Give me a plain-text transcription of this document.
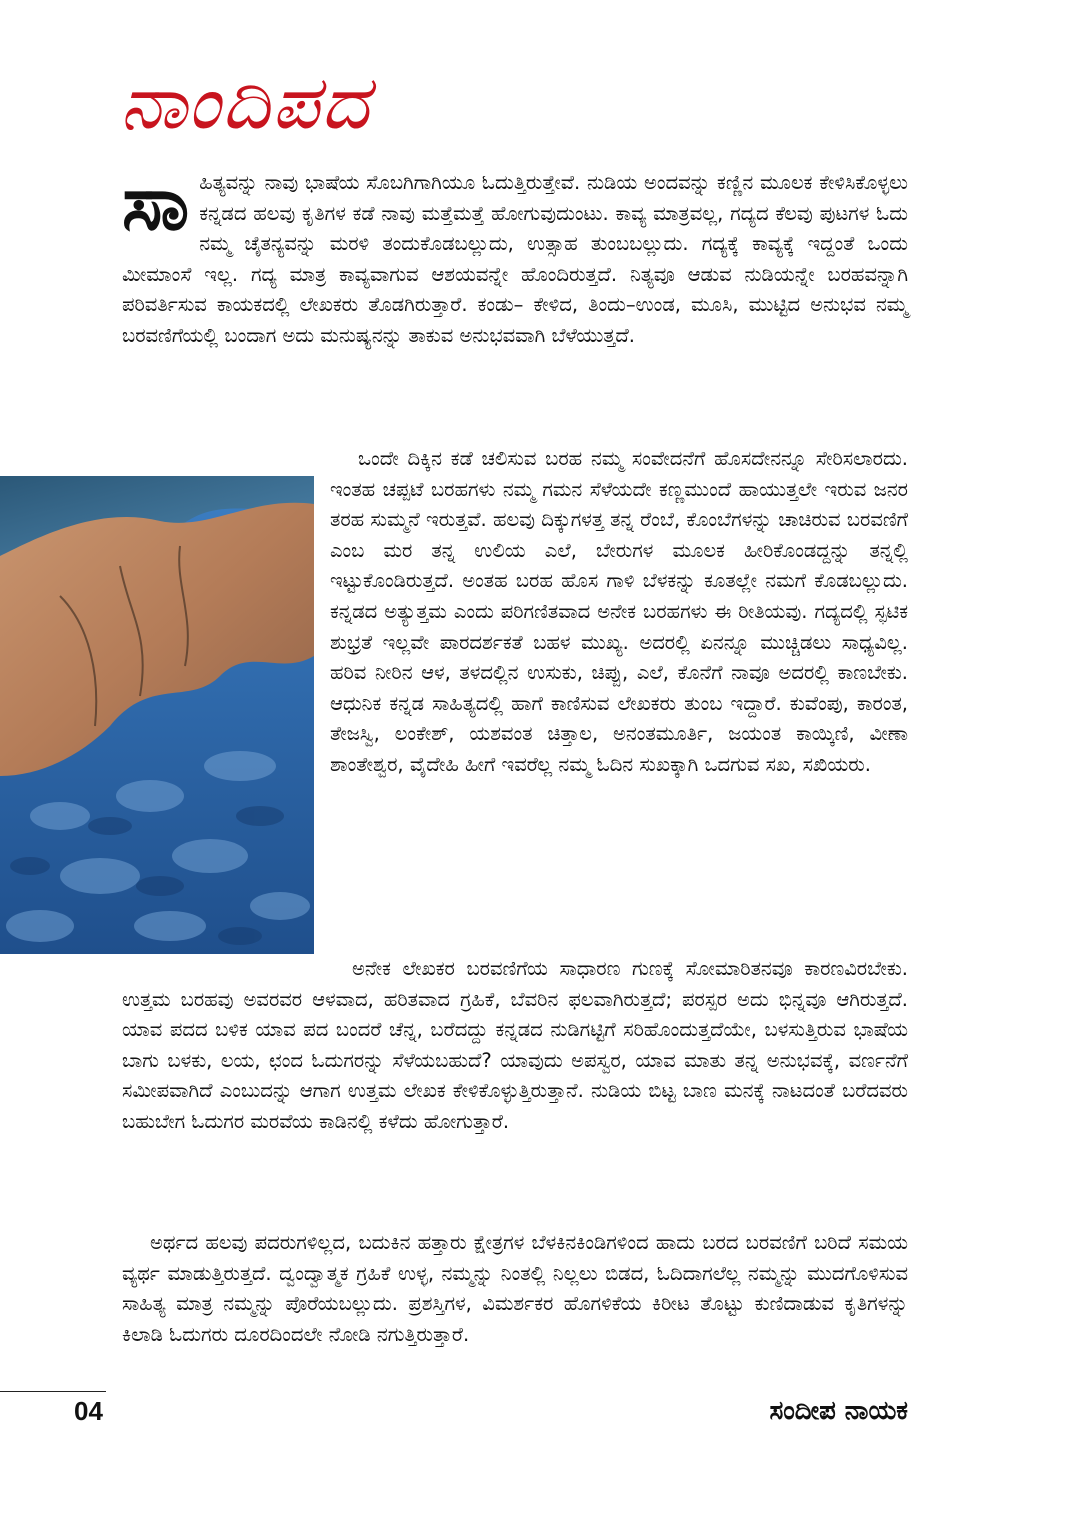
ನಾಂದಿಪದ
ಸಾ ಹಿತ್ಯವನ್ನು ನಾವು ಭಾಷೆಯ ಸೊಬಗಿಗಾಗಿಯೂ ಓದುತ್ತಿರುತ್ತೇವೆ. ನುಡಿಯ ಅಂದವನ್ನು ಕಣ್ಣಿನ ಮೂಲಕ ಕೇಳಿಸಿಕೊಳ್ಳಲು ಕನ್ನಡದ ಹಲವು ಕೃತಿಗಳ ಕಡೆ ನಾವು ಮತ್ತೆಮತ್ತೆ ಹೋಗುವುದುಂಟು. ಕಾವ್ಯ ಮಾತ್ರವಲ್ಲ, ಗದ್ಯದ ಕೆಲವು ಪುಟಗಳ ಓದು ನಮ್ಮ ಚೈತನ್ಯವನ್ನು ಮರಳಿ ತಂದುಕೊಡಬಲ್ಲುದು, ಉತ್ಸಾಹ ತುಂಬಬಲ್ಲುದು. ಗದ್ಯಕ್ಕೆ ಕಾವ್ಯಕ್ಕೆ ಇದ್ದಂತೆ ಒಂದು ಮೀಮಾಂಸೆ ಇಲ್ಲ. ಗದ್ಯ ಮಾತ್ರ ಕಾವ್ಯವಾಗುವ ಆಶಯವನ್ನೇ ಹೊಂದಿರುತ್ತದೆ. ನಿತ್ಯವೂ ಆಡುವ ನುಡಿಯನ್ನೇ ಬರಹವನ್ನಾಗಿ ಪರಿವರ್ತಿಸುವ ಕಾಯಕದಲ್ಲಿ ಲೇಖಕರು ತೊಡಗಿರುತ್ತಾರೆ. ಕಂಡು– ಕೇಳಿದ, ತಿಂದು–ಉಂಡ, ಮೂಸಿ, ಮುಟ್ಟಿದ ಅನುಭವ ನಮ್ಮ ಬರವಣಿಗೆಯಲ್ಲಿ ಬಂದಾಗ ಅದು ಮನುಷ್ಯನನ್ನು ತಾಕುವ ಅನುಭವವಾಗಿ ಬೆಳೆಯುತ್ತದೆ.
ಒಂದೇ ದಿಕ್ಕಿನ ಕಡೆ ಚಲಿಸುವ ಬರಹ ನಮ್ಮ ಸಂವೇದನೆಗೆ ಹೊಸದೇನನ್ನೂ ಸೇರಿಸಲಾರದು. ಇಂತಹ ಚಪ್ಪಟೆ ಬರಹಗಳು ನಮ್ಮ ಗಮನ ಸೆಳೆಯದೇ ಕಣ್ಣಮುಂದೆ ಹಾಯುತ್ತಲೇ ಇರುವ ಜನರ ತರಹ ಸುಮ್ಮನೆ ಇರುತ್ತವೆ. ಹಲವು ದಿಕ್ಕುಗಳತ್ತ ತನ್ನ ರೆಂಬೆ, ಕೊಂಬೆಗಳನ್ನು ಚಾಚಿರುವ ಬರವಣಿಗೆ ಎಂಬ ಮರ ತನ್ನ ಉಲಿಯ ಎಲೆ, ಬೇರುಗಳ ಮೂಲಕ ಹೀರಿಕೊಂಡದ್ದನ್ನು ತನ್ನಲ್ಲಿ ಇಟ್ಟುಕೊಂಡಿರುತ್ತದೆ. ಅಂತಹ ಬರಹ ಹೊಸ ಗಾಳಿ ಬೆಳಕನ್ನು ಕೂತಲ್ಲೇ ನಮಗೆ ಕೊಡಬಲ್ಲುದು. ಕನ್ನಡದ ಅತ್ಯುತ್ತಮ ಎಂದು ಪರಿಗಣಿತವಾದ ಅನೇಕ ಬರಹಗಳು ಈ ರೀತಿಯವು. ಗದ್ಯದಲ್ಲಿ ಸ್ಫಟಿಕ ಶುಭ್ರತೆ ಇಲ್ಲವೇ ಪಾರದರ್ಶಕತೆ ಬಹಳ ಮುಖ್ಯ. ಅದರಲ್ಲಿ ಏನನ್ನೂ ಮುಚ್ಚಿಡಲು ಸಾಧ್ಯವಿಲ್ಲ. ಹರಿವ ನೀರಿನ ಆಳ, ತಳದಲ್ಲಿನ ಉಸುಕು, ಚಿಪ್ಪು, ಎಲೆ, ಕೊನೆಗೆ ನಾವೂ ಅದರಲ್ಲಿ ಕಾಣಬೇಕು. ಆಧುನಿಕ ಕನ್ನಡ ಸಾಹಿತ್ಯದಲ್ಲಿ ಹಾಗೆ ಕಾಣಿಸುವ ಲೇಖಕರು ತುಂಬ ಇದ್ದಾರೆ. ಕುವೆಂಪು, ಕಾರಂತ, ತೇಜಸ್ವಿ, ಲಂಕೇಶ್, ಯಶವಂತ ಚಿತ್ತಾಲ, ಅನಂತಮೂರ್ತಿ, ಜಯಂತ ಕಾಯ್ಕಿಣಿ, ವೀಣಾ ಶಾಂತೇಶ್ವರ, ವೈದೇಹಿ ಹೀಗೆ ಇವರೆಲ್ಲ ನಮ್ಮ ಓದಿನ ಸುಖಕ್ಕಾಗಿ ಒದಗುವ ಸಖ, ಸಖಿಯರು.
ಅನೇಕ ಲೇಖಕರ ಬರವಣಿಗೆಯ ಸಾಧಾರಣ ಗುಣಕ್ಕೆ ಸೋಮಾರಿತನವೂ ಕಾರಣವಿರಬೇಕು. ಉತ್ತಮ ಬರಹವು ಅವರವರ ಆಳವಾದ, ಹರಿತವಾದ ಗ್ರಹಿಕೆ, ಬೆವರಿನ ಫಲವಾಗಿರುತ್ತದೆ; ಪರಸ್ಪರ ಅದು ಭಿನ್ನವೂ ಆಗಿರುತ್ತದೆ. ಯಾವ ಪದದ ಬಳಿಕ ಯಾವ ಪದ ಬಂದರೆ ಚೆನ್ನ, ಬರೆದದ್ದು ಕನ್ನಡದ ನುಡಿಗಟ್ಟಿಗೆ ಸರಿಹೊಂದುತ್ತದೆಯೇ, ಬಳಸುತ್ತಿರುವ ಭಾಷೆಯ ಬಾಗು ಬಳಕು, ಲಯ, ಛಂದ ಓದುಗರನ್ನು ಸೆಳೆಯಬಹುದೆ? ಯಾವುದು ಅಪಸ್ವರ, ಯಾವ ಮಾತು ತನ್ನ ಅನುಭವಕ್ಕೆ, ವರ್ಣನೆಗೆ ಸಮೀಪವಾಗಿದೆ ಎಂಬುದನ್ನು ಆಗಾಗ ಉತ್ತಮ ಲೇಖಕ ಕೇಳಿಕೊಳ್ಳುತ್ತಿರುತ್ತಾನೆ. ನುಡಿಯ ಬಿಟ್ಟ ಬಾಣ ಮನಕ್ಕೆ ನಾಟದಂತೆ ಬರೆದವರು ಬಹುಬೇಗ ಓದುಗರ ಮರವೆಯ ಕಾಡಿನಲ್ಲಿ ಕಳೆದು ಹೋಗುತ್ತಾರೆ.
ಅರ್ಥದ ಹಲವು ಪದರುಗಳಿಲ್ಲದ, ಬದುಕಿನ ಹತ್ತಾರು ಕ್ಷೇತ್ರಗಳ ಬೆಳಕಿನಕಿಂಡಿಗಳಿಂದ ಹಾದು ಬರದ ಬರವಣಿಗೆ ಬರಿದೆ ಸಮಯ ವ್ಯರ್ಥ ಮಾಡುತ್ತಿರುತ್ತದೆ. ದ್ವಂದ್ವಾತ್ಮಕ ಗ್ರಹಿಕೆ ಉಳ್ಳ, ನಮ್ಮನ್ನು ನಿಂತಲ್ಲಿ ನಿಲ್ಲಲು ಬಿಡದ, ಓದಿದಾಗಲೆಲ್ಲ ನಮ್ಮನ್ನು ಮುದಗೊಳಿಸುವ ಸಾಹಿತ್ಯ ಮಾತ್ರ ನಮ್ಮನ್ನು ಪೊರೆಯಬಲ್ಲುದು. ಪ್ರಶಸ್ತಿಗಳ, ವಿಮರ್ಶಕರ ಹೊಗಳಿಕೆಯ ಕಿರೀಟ ತೊಟ್ಟು ಕುಣಿದಾಡುವ ಕೃತಿಗಳನ್ನು ಕಿಲಾಡಿ ಓದುಗರು ದೂರದಿಂದಲೇ ನೋಡಿ ನಗುತ್ತಿರುತ್ತಾರೆ.
04	ಸಂದೀಪ ನಾಯಕ
